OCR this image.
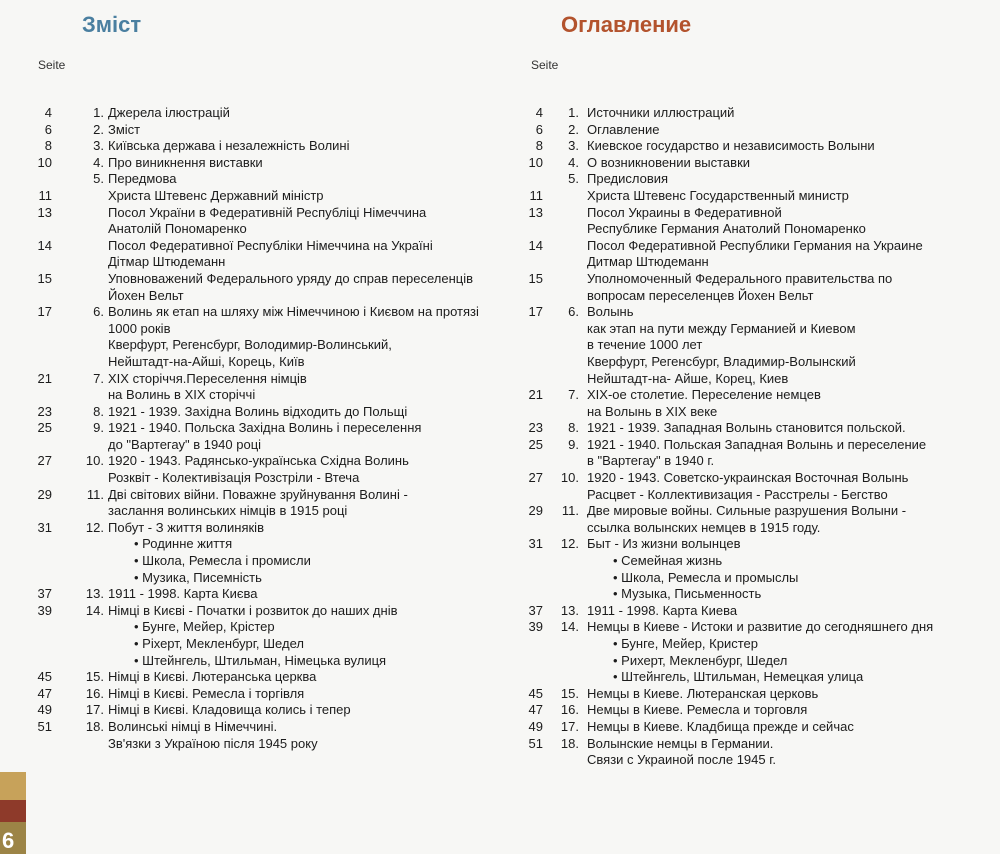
Зміст
Seite
4	1. Джерела ілюстрацій
6	2. Зміст
8	3. Київська держава і незалежність Волині
10	4. Про виникнення виставки
5. Передмова
11	Христа Штевенс Державний міністр
13	Посол України в Федеративній Республіці Німеччина
Анатолій Пономаренко
14	Посол Федеративної Республіки Німеччина на Україні
Дітмар Штюдеманн
15	Уповноважений Федерального уряду до справ переселенців
Йохен Вельт
17	6. Волинь як етап на шляху між Німеччиною і Києвом на протязі
1000 років
Кверфурт, Регенсбург, Володимир-Волинський,
Нейштадт-на-Айші, Корець, Київ
21	7. XIX сторіччя.Переселення німців
на Волинь в XIX сторіччі
23	8. 1921 - 1939. Західна Волинь відходить до Польщі
25	9. 1921 - 1940. Польска Західна Волинь і переселення
до "Вартегау" в 1940 році
27	10. 1920 - 1943. Радянсько-українська Східна Волинь
Розквіт - Колективізація Розстріли - Втеча
29	11. Дві світових війни. Поважне зруйнування Волині -
заслання волинських німців в 1915 році
31	12. Побут - З життя волиняків
• Родинне життя
• Школа, Ремесла і промисли
• Музика, Писемність
37	13. 1911 - 1998. Карта Києва
39	14. Німці в Києві - Початки і розвиток до наших днів
• Бунге, Мейер, Крістер
• Ріхерт, Мекленбург, Шедел
• Штейнгель, Штильман, Німецька вулиця
45	15. Німці в Києві. Лютеранська церква
47	16. Німці в Києві. Ремесла і торгівля
49	17. Німці в Києві. Кладовища колись і тепер
51	18. Волинські німці в Німеччині.
Зв'язки з Україною після 1945 року
Оглавление
Seite
4	1. Источники иллюстраций
6	2. Оглавление
8	3. Киевское государство и независимость Волыни
10	4. О возникновении выставки
5. Предисловия
11	Христа Штевенс Государственный министр
13	Посол Украины в Федеративной
Республике Германия Анатолий Пономаренко
14	Посол Федеративной Республики Германия на Украине
Дитмар Штюдеманн
15	Уполномоченный Федерального правительства по
вопросам переселенцев Йохен Вельт
17	6. Волынь
как этап на пути между Германией и Киевом
в течение 1000 лет
Кверфурт, Регенсбург, Владимир-Волынский
Нейштадт-на- Айше, Корец, Киев
21	7. XIX-ое столетие. Переселение немцев
на Волынь в XIX веке
23	8. 1921 - 1939. Западная Волынь становится польской.
25	9. 1921 - 1940. Польская Западная Волынь и переселение
в "Вартегау" в 1940 г.
27	10. 1920 - 1943. Советско-украинская Восточная Волынь
Расцвет - Коллективизация - Расстрелы - Бегство
29	11. Две мировые войны. Сильные разрушения Волыни -
ссылка волынских немцев в 1915 году.
31	12. Быт - Из жизни волынцев
• Семейная жизнь
• Школа, Ремесла и промыслы
• Музыка, Письменность
37	13. 1911 - 1998. Карта Киева
39	14. Немцы в Киеве - Истоки и развитие до сегодняшнего дня
• Бунге, Мейер, Кристер
• Рихерт, Мекленбург, Шедел
• Штейнгель, Штильман, Немецкая улица
45	15. Немцы в Киеве. Лютеранская церковь
47	16. Немцы в Киеве. Ремесла и торговля
49	17. Немцы в Киеве. Кладбища прежде и сейчас
51	18. Волынские немцы в Германии.
Связи с Украиной после 1945 г.
6
